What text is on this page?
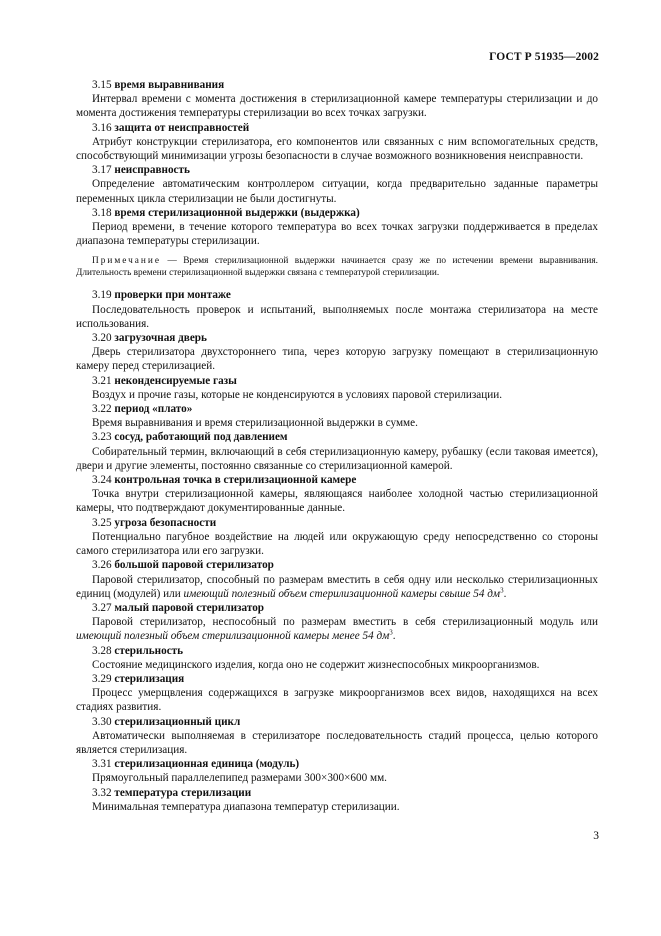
ГОСТ Р 51935—2002

3.15 время выравнивания

Интервал времени с момента достижения в стерилизационной камере температуры стерилизации и до момента достижения температуры стерилизации во всех точках загрузки.

3.16 защита от неисправностей

Атрибут конструкции стерилизатора, его компонентов или связанных с ним вспомогательных средств, способствующий минимизации угрозы безопасности в случае возможного возникновения неисправности.

3.17 неисправность

Определение автоматическим контроллером ситуации, когда предварительно заданные параметры переменных цикла стерилизации не были достигнуты.

3.18 время стерилизационной выдержки (выдержка)

Период времени, в течение которого температура во всех точках загрузки поддерживается в пределах диапазона температуры стерилизации.

Примечание — Время стерилизационной выдержки начинается сразу же по истечении времени выравнивания. Длительность времени стерилизационной выдержки связана с температурой стерилизации.

3.19 проверки при монтаже

Последовательность проверок и испытаний, выполняемых после монтажа стерилизатора на месте использования.

3.20 загрузочная дверь

Дверь стерилизатора двухстороннего типа, через которую загрузку помещают в стерилизационную камеру перед стерилизацией.

3.21 неконденсируемые газы

Воздух и прочие газы, которые не конденсируются в условиях паровой стерилизации.

3.22 период «плато»

Время выравнивания и время стерилизационной выдержки в сумме.

3.23 сосуд, работающий под давлением

Собирательный термин, включающий в себя стерилизационную камеру, рубашку (если таковая имеется), двери и другие элементы, постоянно связанные со стерилизационной камерой.

3.24 контрольная точка в стерилизационной камере

Точка внутри стерилизационной камеры, являющаяся наиболее холодной частью стерилизационной камеры, что подтверждают документированные данные.

3.25 угроза безопасности

Потенциально пагубное воздействие на людей или окружающую среду непосредственно со стороны самого стерилизатора или его загрузки.

3.26 большой паровой стерилизатор

Паровой стерилизатор, способный по размерам вместить в себя одну или несколько стерилизационных единиц (модулей) или имеющий полезный объем стерилизационной камеры свыше 54 $дм^3$.

3.27 малый паровой стерилизатор

Паровой стерилизатор, неспособный по размерам вместить в себя стерилизационный модуль или имеющий полезный объем стерилизационной камеры менее 54 $дм^3$.

3.28 стерильность

Состояние медицинского изделия, когда оно не содержит жизнеспособных микроорганизмов.

3.29 стерилизация

Процесс умерщвления содержащихся в загрузке микроорганизмов всех видов, находящихся на всех стадиях развития.

3.30 стерилизационный цикл

Автоматически выполняемая в стерилизаторе последовательность стадий процесса, целью которого является стерилизация.

3.31 стерилизационная единица (модуль)

Прямоугольный параллелепипед размерами 300×300×600 мм.

3.32 температура стерилизации

Минимальная температура диапазона температур стерилизации.

3
